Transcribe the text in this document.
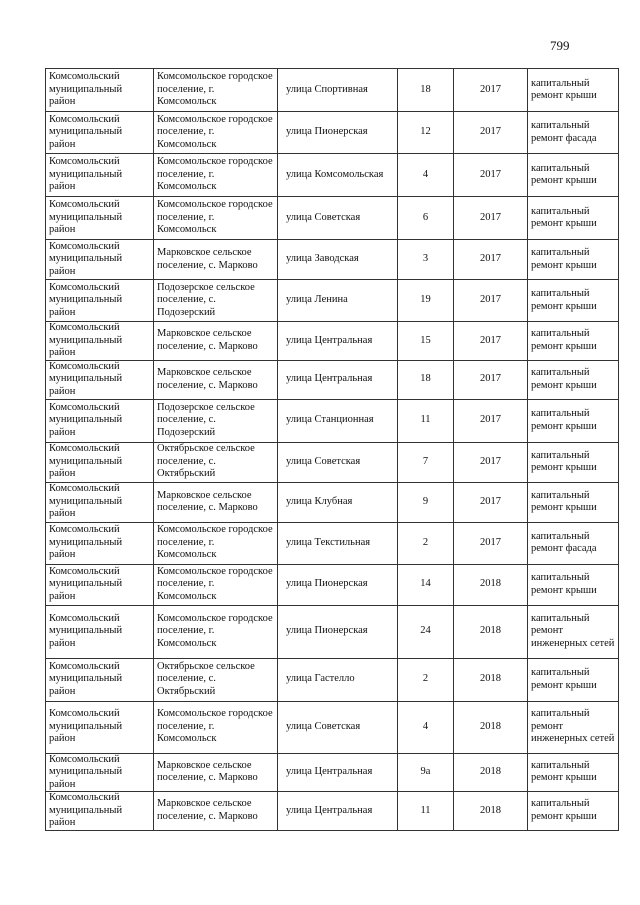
799
Комсомольский муниципальный район	Комсомольское городское поселение, г. Комсомольск	улица Спортивная	18	2017	капитальный ремонт крыши
Комсомольский муниципальный район	Комсомольское городское поселение, г. Комсомольск	улица Пионерская	12	2017	капитальный ремонт фасада
Комсомольский муниципальный район	Комсомольское городское поселение, г. Комсомольск	улица Комсомольская	4	2017	капитальный ремонт крыши
Комсомольский муниципальный район	Комсомольское городское поселение, г. Комсомольск	улица Советская	6	2017	капитальный ремонт крыши
Комсомольский муниципальный район	Марковское сельское поселение, с. Марково	улица Заводская	3	2017	капитальный ремонт крыши
Комсомольский муниципальный район	Подозерское сельское поселение, с. Подозерский	улица Ленина	19	2017	капитальный ремонт крыши
Комсомольский муниципальный район	Марковское сельское поселение, с. Марково	улица Центральная	15	2017	капитальный ремонт крыши
Комсомольский муниципальный район	Марковское сельское поселение, с. Марково	улица Центральная	18	2017	капитальный ремонт крыши
Комсомольский муниципальный район	Подозерское сельское поселение, с. Подозерский	улица Станционная	11	2017	капитальный ремонт крыши
Комсомольский муниципальный район	Октябрьское сельское поселение, с. Октябрьский	улица Советская	7	2017	капитальный ремонт крыши
Комсомольский муниципальный район	Марковское сельское поселение, с. Марково	улица Клубная	9	2017	капитальный ремонт крыши
Комсомольский муниципальный район	Комсомольское городское поселение, г. Комсомольск	улица Текстильная	2	2017	капитальный ремонт фасада
Комсомольский муниципальный район	Комсомольское городское поселение, г. Комсомольск	улица Пионерская	14	2018	капитальный ремонт крыши
Комсомольский муниципальный район	Комсомольское городское поселение, г. Комсомольск	улица Пионерская	24	2018	капитальный ремонт инженерных сетей
Комсомольский муниципальный район	Октябрьское сельское поселение, с. Октябрьский	улица Гастелло	2	2018	капитальный ремонт крыши
Комсомольский муниципальный район	Комсомольское городское поселение, г. Комсомольск	улица Советская	4	2018	капитальный ремонт инженерных сетей
Комсомольский муниципальный район	Марковское сельское поселение, с. Марково	улица Центральная	9а	2018	капитальный ремонт крыши
Комсомольский муниципальный район	Марковское сельское поселение, с. Марково	улица Центральная	11	2018	капитальный ремонт крыши
